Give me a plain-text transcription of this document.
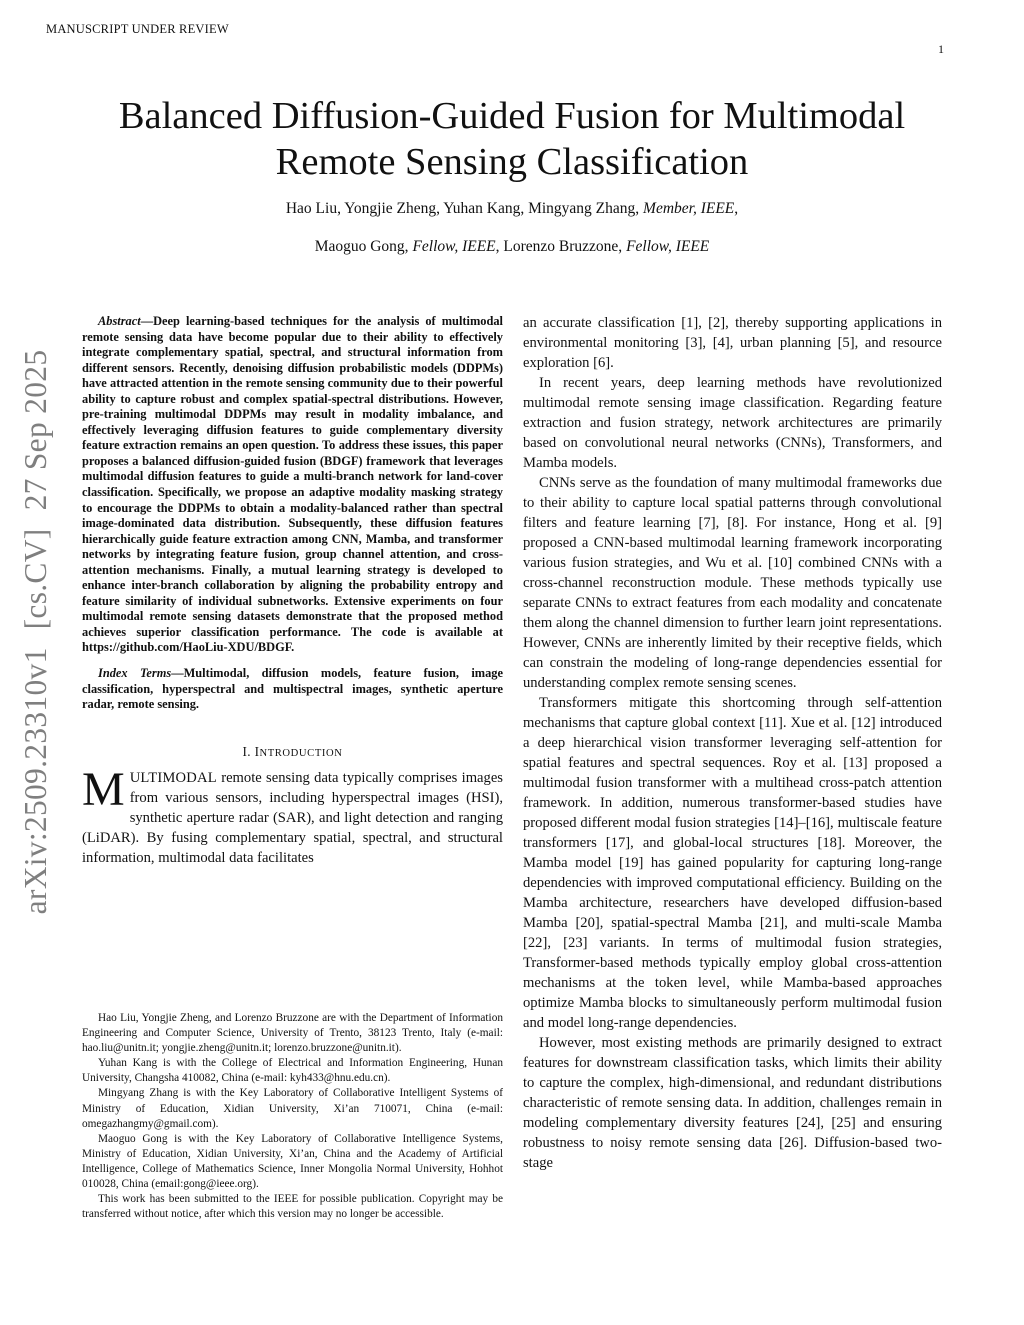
MANUSCRIPT UNDER REVIEW
1
arXiv:2509.23310v1[cs.CV]27 Sep 2025
Balanced Diffusion-Guided Fusion for Multimodal
Remote Sensing Classification
Hao Liu, Yongjie Zheng, Yuhan Kang, Mingyang Zhang, Member, IEEE,
Maoguo Gong, Fellow, IEEE, Lorenzo Bruzzone, Fellow, IEEE

Abstract—Deep learning-based techniques for the analysis of multimodal remote sensing data have become popular due to their ability to effectively integrate complementary spatial, spectral, and structural information from different sensors. Recently, denoising diffusion probabilistic models (DDPMs) have attracted attention in the remote sensing community due to their powerful ability to capture robust and complex spatial-spectral distributions. However, pre-training multimodal DDPMs may result in modality imbalance, and effectively leveraging diffusion features to guide complementary diversity feature extraction remains an open question. To address these issues, this paper proposes a balanced diffusion-guided fusion (BDGF) framework that leverages multimodal diffusion features to guide a multi-branch network for land-cover classification. Specifically, we propose an adaptive modality masking strategy to encourage the DDPMs to obtain a modality-balanced rather than spectral image-dominated data distribution. Subsequently, these diffusion features hierarchically guide feature extraction among CNN, Mamba, and transformer networks by integrating feature fusion, group channel attention, and cross-attention mechanisms. Finally, a mutual learning strategy is developed to enhance inter-branch collaboration by aligning the probability entropy and feature similarity of individual subnetworks. Extensive experiments on four multimodal remote sensing datasets demonstrate that the proposed method achieves superior classification performance. The code is available at https://github.com/HaoLiu-XDU/BDGF.

Index Terms—Multimodal, diffusion models, feature fusion, image classification, hyperspectral and multispectral images, synthetic aperture radar, remote sensing.

I. INTRODUCTION

MULTIMODAL remote sensing data typically comprises images from various sensors, including hyperspectral images (HSI), synthetic aperture radar (SAR), and light detection and ranging (LiDAR). By fusing complementary spatial, spectral, and structural information, multimodal data facilitates

Hao Liu, Yongjie Zheng, and Lorenzo Bruzzone are with the Department of Information Engineering and Computer Science, University of Trento, 38123 Trento, Italy (e-mail: hao.liu@unitn.it; yongjie.zheng@unitn.it; lorenzo.bruzzone@unitn.it).

Yuhan Kang is with the College of Electrical and Information Engineering, Hunan University, Changsha 410082, China (e-mail: kyh433@hnu.edu.cn).

Mingyang Zhang is with the Key Laboratory of Collaborative Intelligent Systems of Ministry of Education, Xidian University, Xi’an 710071, China (e-mail: omegazhangmy@gmail.com).

Maoguo Gong is with the Key Laboratory of Collaborative Intelligence Systems, Ministry of Education, Xidian University, Xi’an, China and the Academy of Artificial Intelligence, College of Mathematics Science, Inner Mongolia Normal University, Hohhot 010028, China (email:gong@ieee.org).

This work has been submitted to the IEEE for possible publication. Copyright may be transferred without notice, after which this version may no longer be accessible.

an accurate classification [1], [2], thereby supporting applications in environmental monitoring [3], [4], urban planning [5], and resource exploration [6].

In recent years, deep learning methods have revolutionized multimodal remote sensing image classification. Regarding feature extraction and fusion strategy, network architectures are primarily based on convolutional neural networks (CNNs), Transformers, and Mamba models.

CNNs serve as the foundation of many multimodal frameworks due to their ability to capture local spatial patterns through convolutional filters and feature learning [7], [8]. For instance, Hong et al. [9] proposed a CNN-based multimodal learning framework incorporating various fusion strategies, and Wu et al. [10] combined CNNs with a cross-channel reconstruction module. These methods typically use separate CNNs to extract features from each modality and concatenate them along the channel dimension to further learn joint representations. However, CNNs are inherently limited by their receptive fields, which can constrain the modeling of long-range dependencies essential for understanding complex remote sensing scenes.

Transformers mitigate this shortcoming through self-attention mechanisms that capture global context [11]. Xue et al. [12] introduced a deep hierarchical vision transformer leveraging self-attention for spatial features and spectral sequences. Roy et al. [13] proposed a multimodal fusion transformer with a multihead cross-patch attention framework. In addition, numerous transformer-based studies have proposed different modal fusion strategies [14]–[16], multiscale feature transformers [17], and global-local structures [18]. Moreover, the Mamba model [19] has gained popularity for capturing long-range dependencies with improved computational efficiency. Building on the Mamba architecture, researchers have developed diffusion-based Mamba [20], spatial-spectral Mamba [21], and multi-scale Mamba [22], [23] variants. In terms of multimodal fusion strategies, Transformer-based methods typically employ global cross-attention mechanisms at the token level, while Mamba-based approaches optimize Mamba blocks to simultaneously perform multimodal fusion and model long-range dependencies.

However, most existing methods are primarily designed to extract features for downstream classification tasks, which limits their ability to capture the complex, high-dimensional, and redundant distributions characteristic of remote sensing data. In addition, challenges remain in modeling complementary diversity features [24], [25] and ensuring robustness to noisy remote sensing data [26]. Diffusion-based two-stage
